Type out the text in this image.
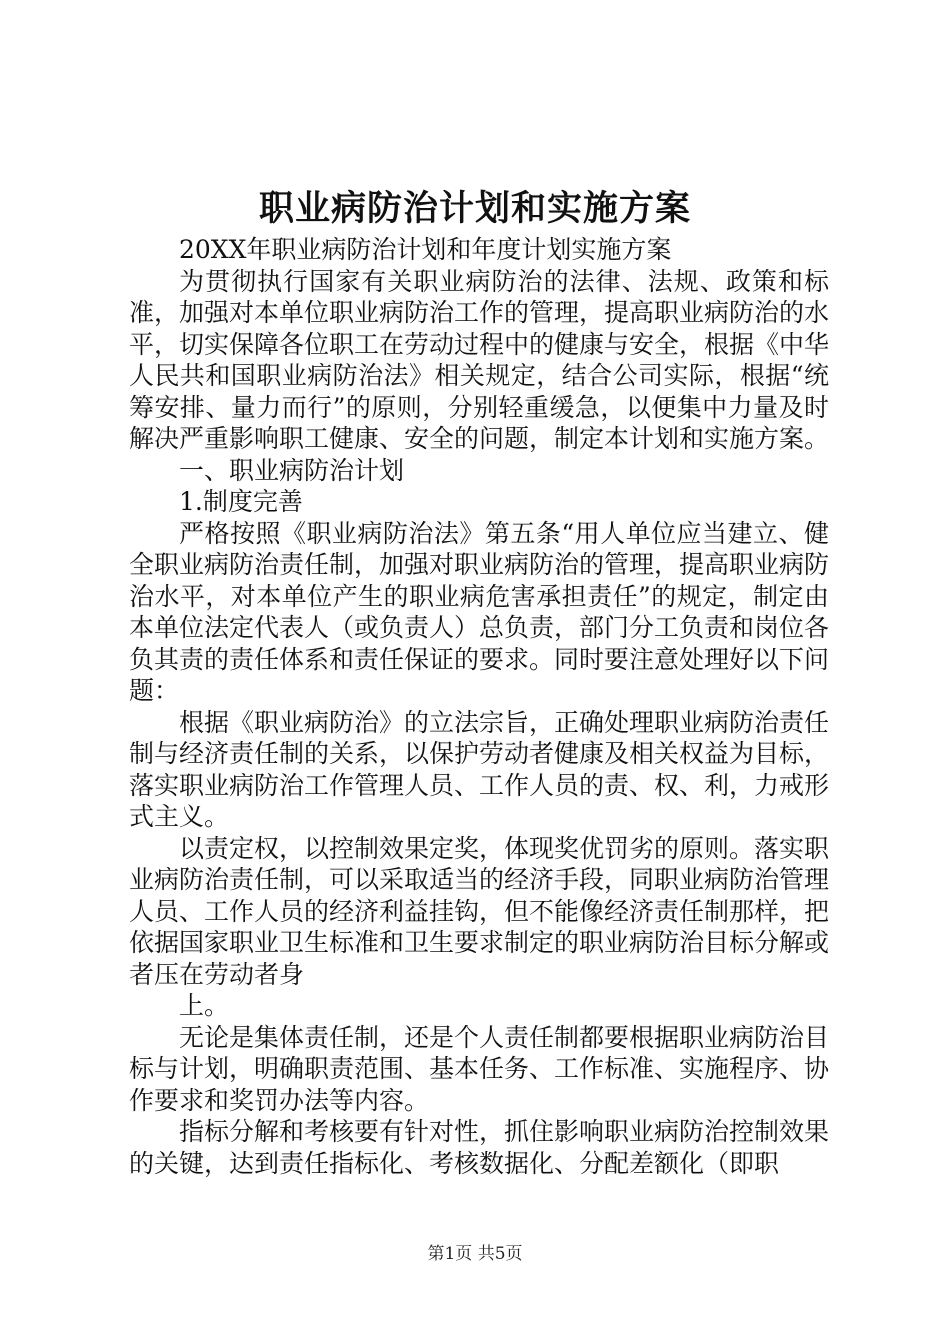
职业病防治计划和实施方案

20XX年职业病防治计划和年度计划实施方案

为贯彻执行国家有关职业病防治的法律、法规、政策和标准，加强对本单位职业病防治工作的管理，提高职业病防治的水平，切实保障各位职工在劳动过程中的健康与安全，根据《中华人民共和国职业病防治法》相关规定，结合公司实际，根据“统筹安排、量力而行”的原则，分别轻重缓急，以便集中力量及时解决严重影响职工健康、安全的问题，制定本计划和实施方案。

一、职业病防治计划

1.制度完善

严格按照《职业病防治法》第五条“用人单位应当建立、健全职业病防治责任制，加强对职业病防治的管理，提高职业病防治水平，对本单位产生的职业病危害承担责任”的规定，制定由本单位法定代表人（或负责人）总负责，部门分工负责和岗位各负其责的责任体系和责任保证的要求。同时要注意处理好以下问题：

根据《职业病防治》的立法宗旨，正确处理职业病防治责任制与经济责任制的关系，以保护劳动者健康及相关权益为目标，落实职业病防治工作管理人员、工作人员的责、权、利，力戒形式主义。

以责定权，以控制效果定奖，体现奖优罚劣的原则。落实职业病防治责任制，可以采取适当的经济手段，同职业病防治管理人员、工作人员的经济利益挂钩，但不能像经济责任制那样，把依据国家职业卫生标准和卫生要求制定的职业病防治目标分解或者压在劳动者身

上。

无论是集体责任制，还是个人责任制都要根据职业病防治目标与计划，明确职责范围、基本任务、工作标准、实施程序、协作要求和奖罚办法等内容。

指标分解和考核要有针对性，抓住影响职业病防治控制效果的关键，达到责任指标化、考核数据化、分配差额化（即职

第1页 共5页
